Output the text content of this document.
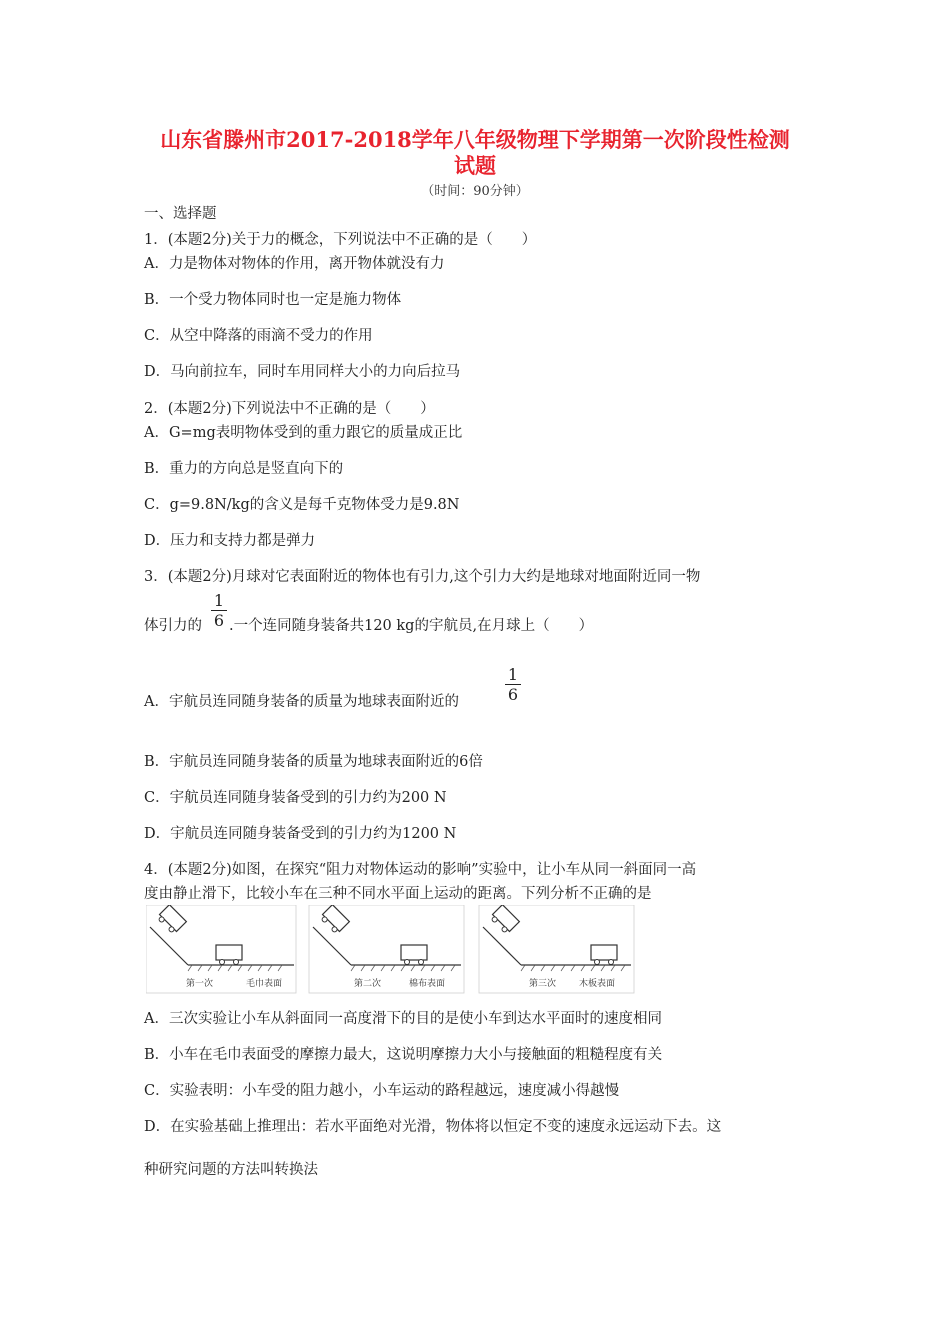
山东省滕州市2017-2018学年八年级物理下学期第一次阶段性检测
试题
（时间：90分钟）
一、选择题
1．(本题2分)关于力的概念，下列说法中不正确的是（　　）
A．力是物体对物体的作用，离开物体就没有力
B．一个受力物体同时也一定是施力物体
C．从空中降落的雨滴不受力的作用
D．马向前拉车，同时车用同样大小的力向后拉马
2．(本题2分)下列说法中不正确的是（　　）
A．G=mg表明物体受到的重力跟它的质量成正比
B．重力的方向总是竖直向下的
C．g=9.8N/kg的含义是每千克物体受力是9.8N
D．压力和支持力都是弹力
3．(本题2分)月球对它表面附近的物体也有引力,这个引力大约是地球对地面附近同一物
体引力的
1
6 .一个连同随身装备共120 kg的宇航员,在月球上（　　）
A．宇航员连同随身装备的质量为地球表面附近的
1
6
B．宇航员连同随身装备的质量为地球表面附近的6倍
C．宇航员连同随身装备受到的引力约为200 N
D．宇航员连同随身装备受到的引力约为1200 N
4．(本题2分)如图，在探究“阻力对物体运动的影响”实验中，让小车从同一斜面同一高
度由静止滑下，比较小车在三种不同水平面上运动的距离。下列分析不正确的是
第一次	毛巾表面	第二次	棉布表面	第三次	木板表面
A．三次实验让小车从斜面同一高度滑下的目的是使小车到达水平面时的速度相同
B．小车在毛巾表面受的摩擦力最大，这说明摩擦力大小与接触面的粗糙程度有关
C．实验表明：小车受的阻力越小，小车运动的路程越远，速度减小得越慢
D．在实验基础上推理出：若水平面绝对光滑，物体将以恒定不变的速度永远运动下去。这
种研究问题的方法叫转换法
